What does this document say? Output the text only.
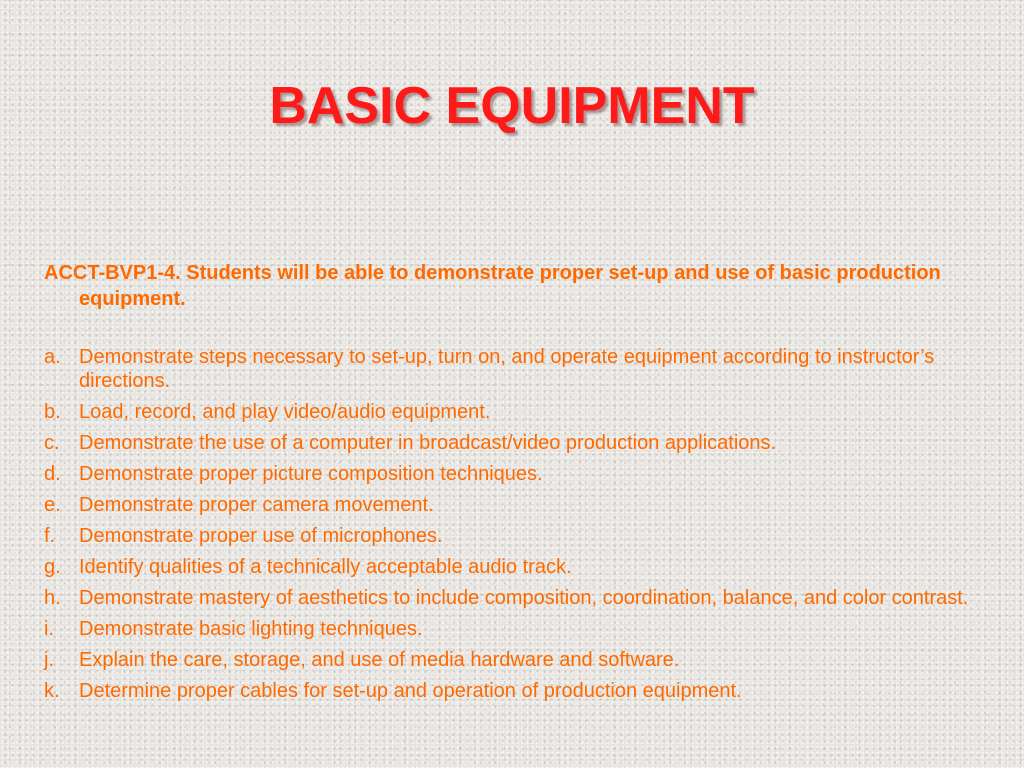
BASIC EQUIPMENT
ACCT-BVP1-4. Students will be able to demonstrate proper set-up and use of basic production equipment.
a. Demonstrate steps necessary to set-up, turn on, and operate equipment according to instructor’s directions.
b. Load, record, and play video/audio equipment.
c. Demonstrate the use of a computer in broadcast/video production applications.
d. Demonstrate proper picture composition techniques.
e. Demonstrate proper camera movement.
f.	Demonstrate proper use of microphones.
g. Identify qualities of a technically acceptable audio track.
h. Demonstrate mastery of aesthetics to include composition, coordination, balance, and color contrast.
i.	Demonstrate basic lighting techniques.
j.	Explain the care, storage, and use of media hardware and software.
k. Determine proper cables for set-up and operation of production equipment.
